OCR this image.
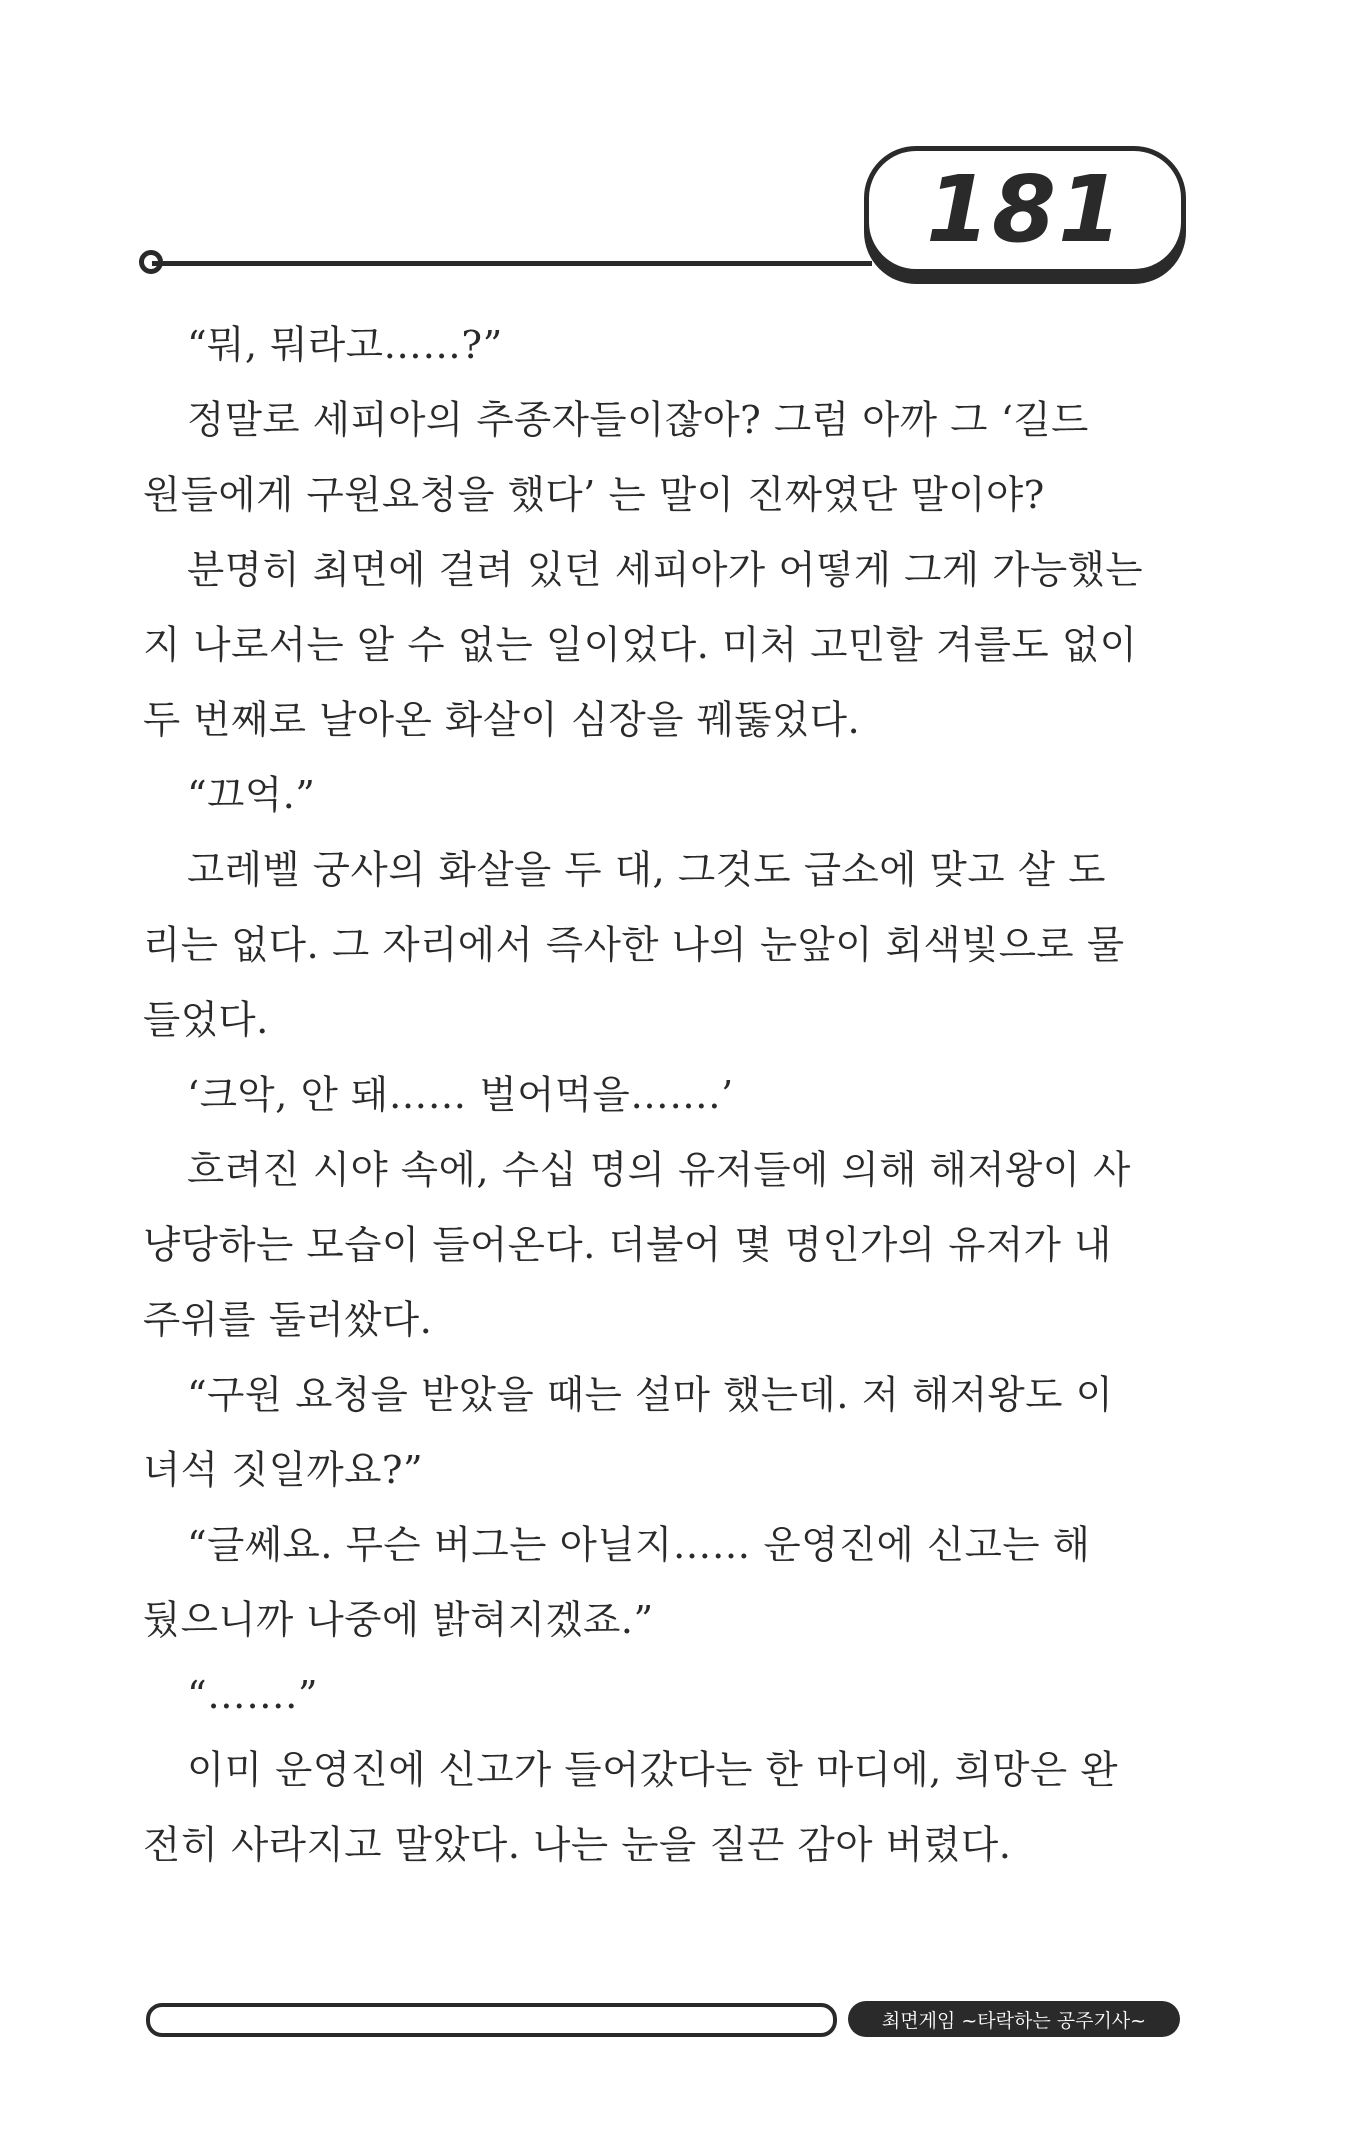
181
“뭐, 뭐라고……?”
정말로 세피아의 추종자들이잖아? 그럼 아까 그 ‘길드
원들에게 구원요청을 했다’ 는 말이 진짜였단 말이야?
분명히 최면에 걸려 있던 세피아가 어떻게 그게 가능했는
지 나로서는 알 수 없는 일이었다. 미처 고민할 겨를도 없이
두 번째로 날아온 화살이 심장을 꿰뚫었다.
“끄억.”
고레벨 궁사의 화살을 두 대, 그것도 급소에 맞고 살 도
리는 없다. 그 자리에서 즉사한 나의 눈앞이 회색빛으로 물
들었다.
‘크악, 안 돼…… 벌어먹을…….’
흐려진 시야 속에, 수십 명의 유저들에 의해 해저왕이 사
냥당하는 모습이 들어온다. 더불어 몇 명인가의 유저가 내
주위를 둘러쌌다.
“구원 요청을 받았을 때는 설마 했는데. 저 해저왕도 이
녀석 짓일까요?”
“글쎄요. 무슨 버그는 아닐지…… 운영진에 신고는 해
뒀으니까 나중에 밝혀지겠죠.”
“…….”
이미 운영진에 신고가 들어갔다는 한 마디에, 희망은 완
전히 사라지고 말았다. 나는 눈을 질끈 감아 버렸다.
최면게임 ~타락하는 공주기사~
